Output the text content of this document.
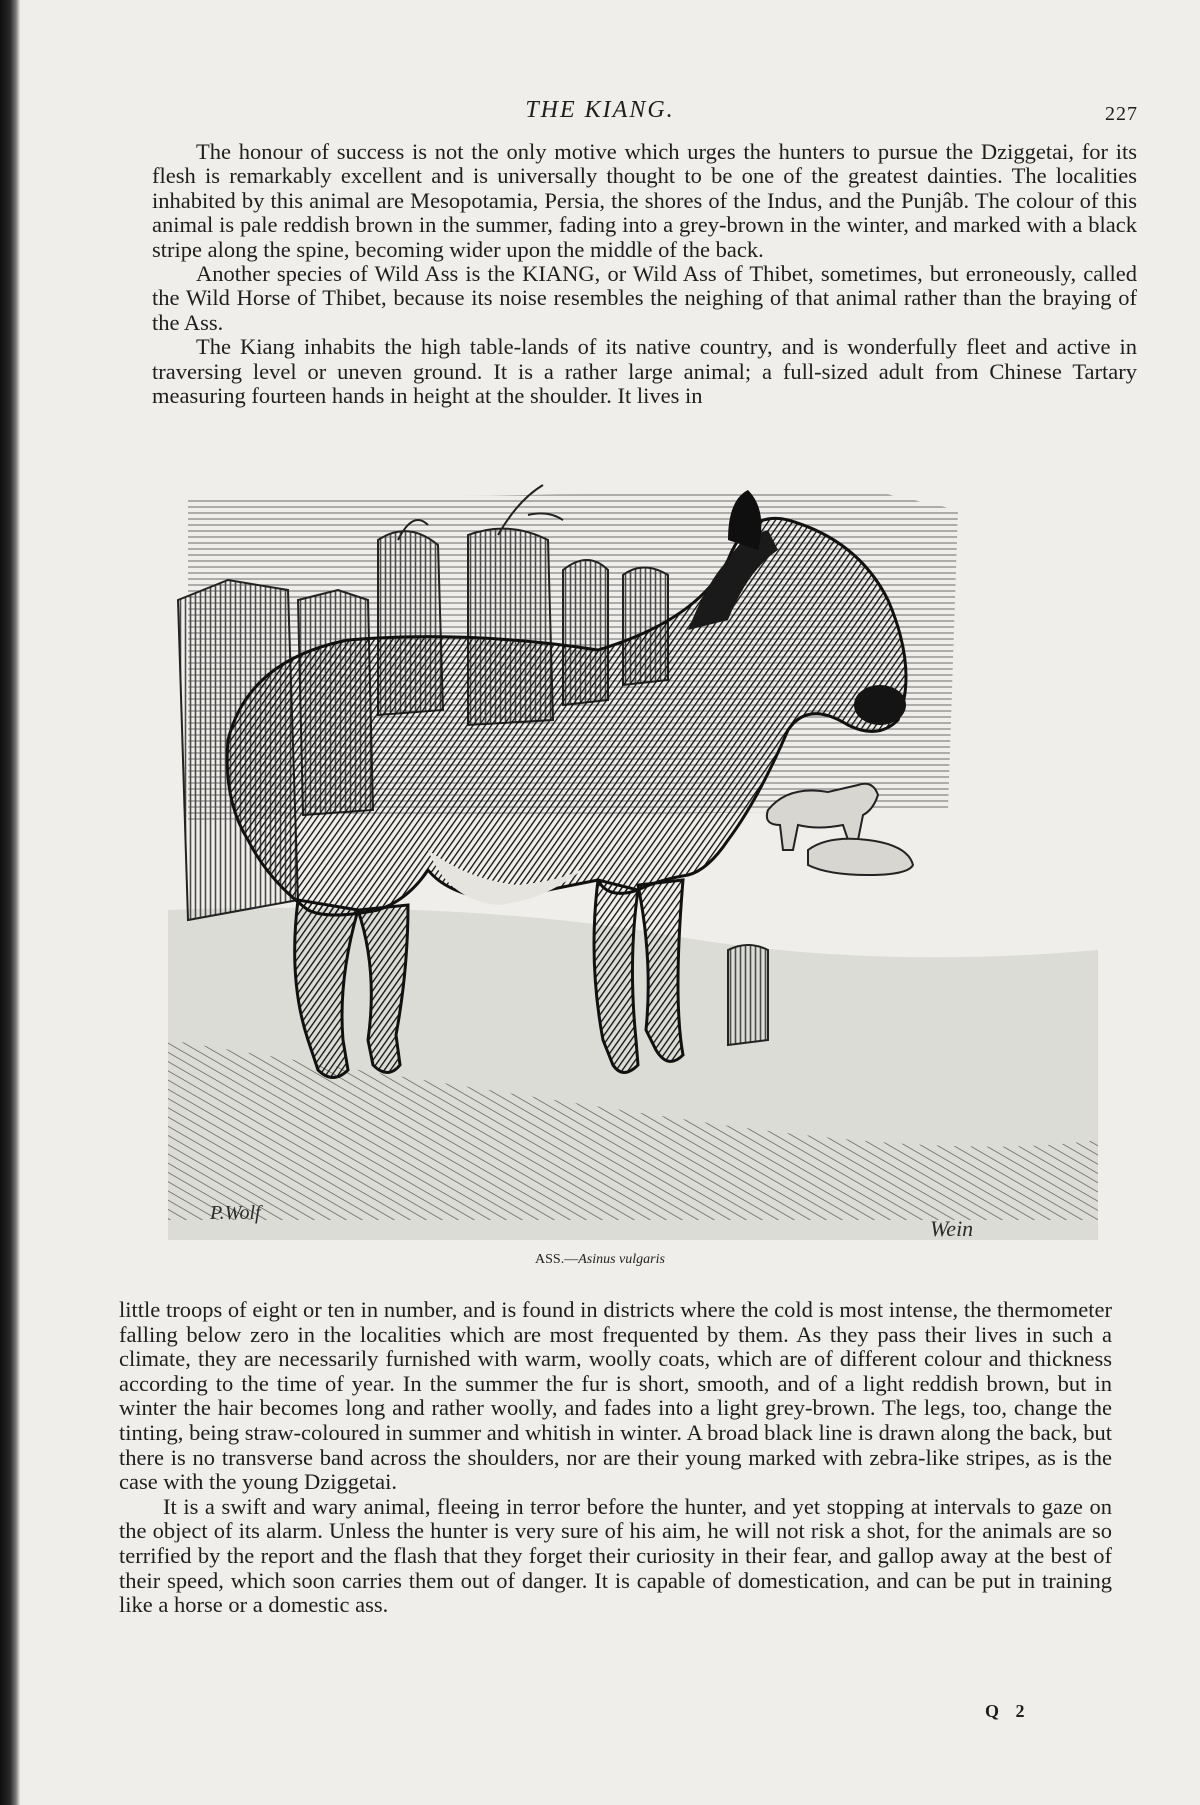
THE KIANG.	227

The honour of success is not the only motive which urges the hunters to pursue the Dziggetai, for its flesh is remarkably excellent and is universally thought to be one of the greatest dainties. The localities inhabited by this animal are Mesopotamia, Persia, the shores of the Indus, and the Punjâb. The colour of this animal is pale reddish brown in the summer, fading into a grey-brown in the winter, and marked with a black stripe along the spine, becoming wider upon the middle of the back.

Another species of Wild Ass is the KIANG, or Wild Ass of Thibet, sometimes, but erroneously, called the Wild Horse of Thibet, because its noise resembles the neighing of that animal rather than the braying of the Ass.

The Kiang inhabits the high table-lands of its native country, and is wonderfully fleet and active in traversing level or uneven ground. It is a rather large animal; a full-sized adult from Chinese Tartary measuring fourteen hands in height at the shoulder. It lives in

P.Wolf
Wein
ASS.—Asinus vulgaris

little troops of eight or ten in number, and is found in districts where the cold is most intense, the thermometer falling below zero in the localities which are most frequented by them. As they pass their lives in such a climate, they are necessarily furnished with warm, woolly coats, which are of different colour and thickness according to the time of year. In the summer the fur is short, smooth, and of a light reddish brown, but in winter the hair becomes long and rather woolly, and fades into a light grey-brown. The legs, too, change the tinting, being straw-coloured in summer and whitish in winter. A broad black line is drawn along the back, but there is no transverse band across the shoulders, nor are their young marked with zebra-like stripes, as is the case with the young Dziggetai.

It is a swift and wary animal, fleeing in terror before the hunter, and yet stopping at intervals to gaze on the object of its alarm. Unless the hunter is very sure of his aim, he will not risk a shot, for the animals are so terrified by the report and the flash that they forget their curiosity in their fear, and gallop away at the best of their speed, which soon carries them out of danger. It is capable of domestication, and can be put in training like a horse or a domestic ass.

Q 2
